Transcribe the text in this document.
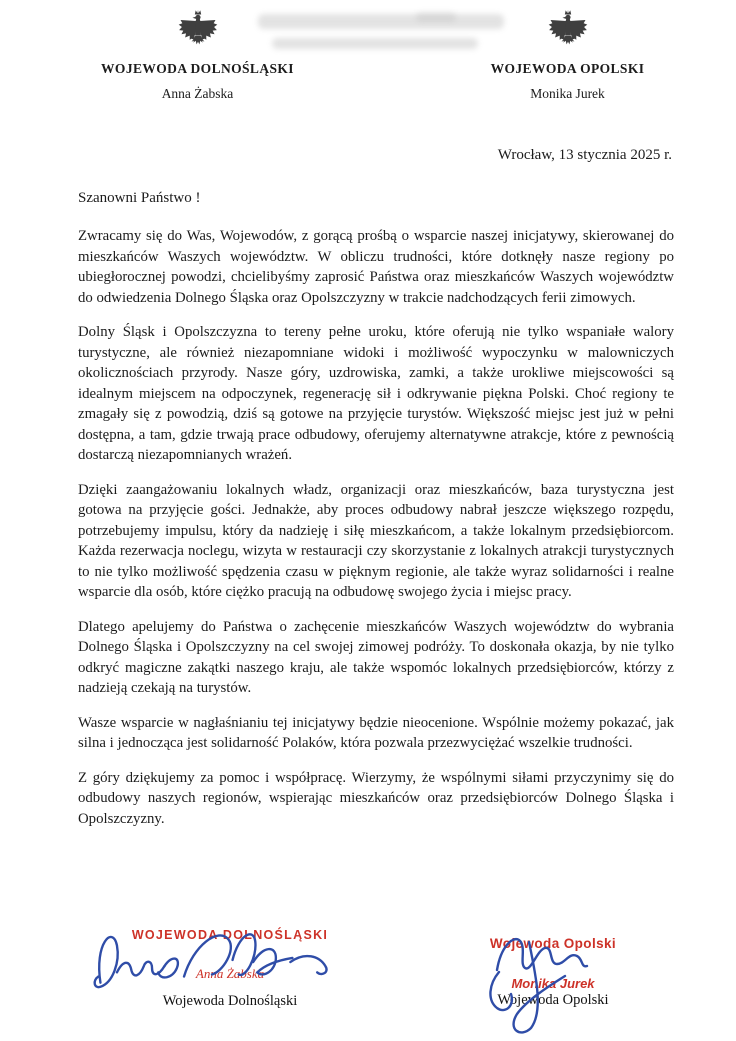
WOJEWODA DOLNOŚLĄSKI
Anna Żabska
WOJEWODA OPOLSKI
Monika Jurek
Wrocław, 13 stycznia 2025 r.
Szanowni Państwo !

Zwracamy się do Was, Wojewodów, z gorącą prośbą o wsparcie naszej inicjatywy, skierowanej do mieszkańców Waszych województw. W obliczu trudności, które dotknęły nasze regiony po ubiegłorocznej powodzi, chcielibyśmy zaprosić Państwa oraz mieszkańców Waszych województw do odwiedzenia Dolnego Śląska oraz Opolszczyzny w trakcie nadchodzących ferii zimowych.

Dolny Śląsk i Opolszczyzna to tereny pełne uroku, które oferują nie tylko wspaniałe walory turystyczne, ale również niezapomniane widoki i możliwość wypoczynku w malowniczych okolicznościach przyrody. Nasze góry, uzdrowiska, zamki, a także urokliwe miejscowości są idealnym miejscem na odpoczynek, regenerację sił i odkrywanie piękna Polski. Choć regiony te zmagały się z powodzią, dziś są gotowe na przyjęcie turystów. Większość miejsc jest już w pełni dostępna, a tam, gdzie trwają prace odbudowy, oferujemy alternatywne atrakcje, które z pewnością dostarczą niezapomnianych wrażeń.

Dzięki zaangażowaniu lokalnych władz, organizacji oraz mieszkańców, baza turystyczna jest gotowa na przyjęcie gości. Jednakże, aby proces odbudowy nabrał jeszcze większego rozpędu, potrzebujemy impulsu, który da nadzieję i siłę mieszkańcom, a także lokalnym przedsiębiorcom. Każda rezerwacja noclegu, wizyta w restauracji czy skorzystanie z lokalnych atrakcji turystycznych to nie tylko możliwość spędzenia czasu w pięknym regionie, ale także wyraz solidarności i realne wsparcie dla osób, które ciężko pracują na odbudowę swojego życia i miejsc pracy.

Dlatego apelujemy do Państwa o zachęcenie mieszkańców Waszych województw do wybrania Dolnego Śląska i Opolszczyzny na cel swojej zimowej podróży. To doskonała okazja, by nie tylko odkryć magiczne zakątki naszego kraju, ale także wspomóc lokalnych przedsiębiorców, którzy z nadzieją czekają na turystów.

Wasze wsparcie w nagłaśnianiu tej inicjatywy będzie nieocenione. Wspólnie możemy pokazać, jak silna i jednocząca jest solidarność Polaków, która pozwala przezwyciężać wszelkie trudności.

Z góry dziękujemy za pomoc i współpracę. Wierzymy, że wspólnymi siłami przyczynimy się do odbudowy naszych regionów, wspierając mieszkańców oraz przedsiębiorców Dolnego Śląska i Opolszczyzny.

WOJEWODA DOLNOŚLĄSKI
Anna Żabska
Wojewoda Dolnośląski
Wojewoda Opolski
Monika Jurek
Wojewoda Opolski
